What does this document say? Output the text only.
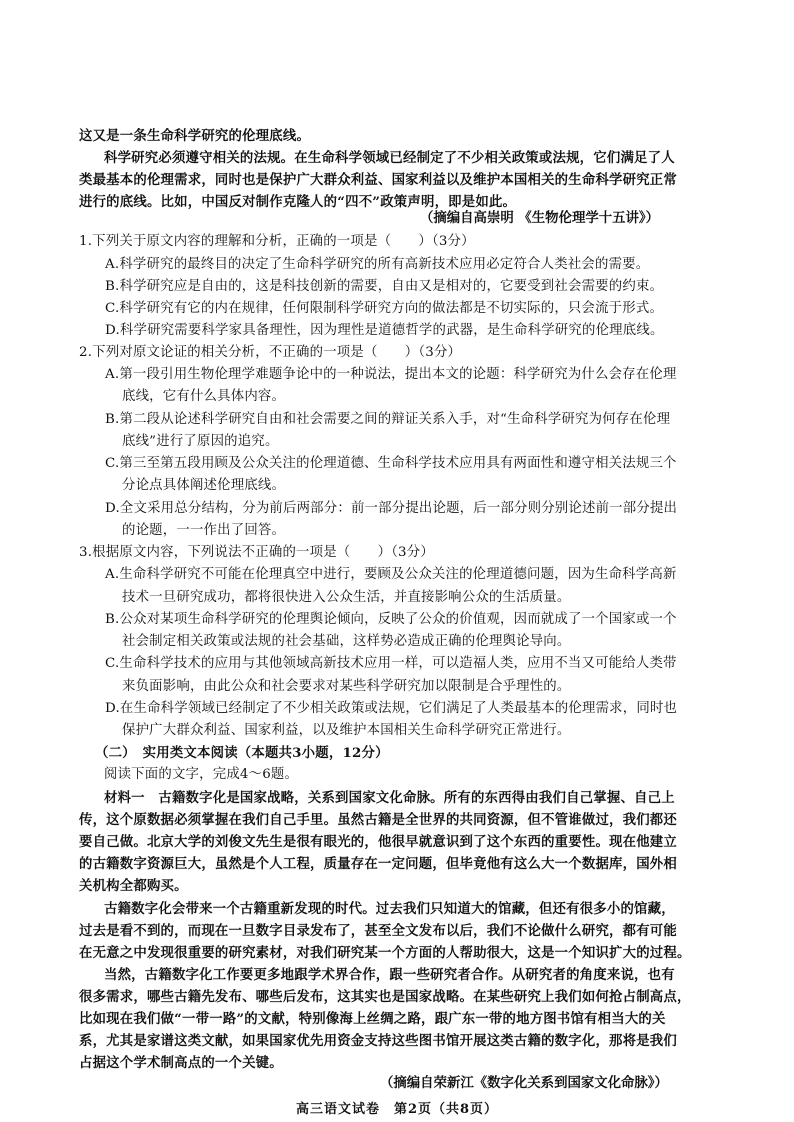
这又是一条生命科学研究的伦理底线。
科学研究必须遵守相关的法规。在生命科学领域已经制定了不少相关政策或法规，它们满足了人
类最基本的伦理需求，同时也是保护广大群众利益、国家利益以及维护本国相关的生命科学研究正常
进行的底线。比如，中国反对制作克隆人的“四不”政策声明，即是如此。
（摘编自高崇明 《生物伦理学十五讲》）
1.下列关于原文内容的理解和分析，正确的一项是（　　）（3分）
A.科学研究的最终目的决定了生命科学研究的所有高新技术应用必定符合人类社会的需要。
B.科学研究应是自由的，这是科技创新的需要，自由又是相对的，它要受到社会需要的约束。
C.科学研究有它的内在规律，任何限制科学研究方向的做法都是不切实际的，只会流于形式。
D.科学研究需要科学家具备理性，因为理性是道德哲学的武器，是生命科学研究的伦理底线。
2.下列对原文论证的相关分析，不正确的一项是（　　）（3分）
A.第一段引用生物伦理学难题争论中的一种说法，提出本文的论题：科学研究为什么会存在伦理
底线，它有什么具体内容。
B.第二段从论述科学研究自由和社会需要之间的辩证关系入手，对“生命科学研究为何存在伦理
底线”进行了原因的追究。
C.第三至第五段用顾及公众关注的伦理道德、生命科学技术应用具有两面性和遵守相关法规三个
分论点具体阐述伦理底线。
D.全文采用总分结构，分为前后两部分：前一部分提出论题，后一部分则分别论述前一部分提出
的论题，一一作出了回答。
3.根据原文内容，下列说法不正确的一项是（　　）（3分）
A.生命科学研究不可能在伦理真空中进行，要顾及公众关注的伦理道德问题，因为生命科学高新
技术一旦研究成功，都将很快进入公众生活，并直接影响公众的生活质量。
B.公众对某项生命科学研究的伦理舆论倾向，反映了公众的价值观，因而就成了一个国家或一个
社会制定相关政策或法规的社会基础，这样势必造成正确的伦理舆论导向。
C.生命科学技术的应用与其他领域高新技术应用一样，可以造福人类，应用不当又可能给人类带
来负面影响，由此公众和社会要求对某些科学研究加以限制是合乎理性的。
D.在生命科学领域已经制定了不少相关政策或法规，它们满足了人类最基本的伦理需求，同时也
保护广大群众利益、国家利益，以及维护本国相关生命科学研究正常进行。
（二）　实用类文本阅读（本题共3小题，12分）
阅读下面的文字，完成4～6题。
材料一　古籍数字化是国家战略，关系到国家文化命脉。所有的东西得由我们自己掌握、自己上
传，这个原数据必须掌握在我们自己手里。虽然古籍是全世界的共同资源，但不管谁做过，我们都还
要自己做。北京大学的刘俊文先生是很有眼光的，他很早就意识到了这个东西的重要性。现在他建立
的古籍数字资源巨大，虽然是个人工程，质量存在一定问题，但毕竟他有这么大一个数据库，国外相
关机构全都购买。
古籍数字化会带来一个古籍重新发现的时代。过去我们只知道大的馆藏，但还有很多小的馆藏，
过去是看不到的，而现在一旦数字目录发布了，甚至全文发布以后，我们不论做什么研究，都有可能
在无意之中发现很重要的研究素材，对我们研究某一个方面的人帮助很大，这是一个知识扩大的过程。
当然，古籍数字化工作要更多地跟学术界合作，跟一些研究者合作。从研究者的角度来说，也有
很多需求，哪些古籍先发布、哪些后发布，这其实也是国家战略。在某些研究上我们如何抢占制高点，
比如现在我们做“一带一路”的文献，特别像海上丝绸之路，跟广东一带的地方图书馆有相当大的关
系，尤其是家谱这类文献，如果国家优先用资金支持这些图书馆开展这类古籍的数字化，那将是我们
占据这个学术制高点的一个关键。
（摘编自荣新江《数字化关系到国家文化命脉》）
高三语文试卷　第2页（共8页）
